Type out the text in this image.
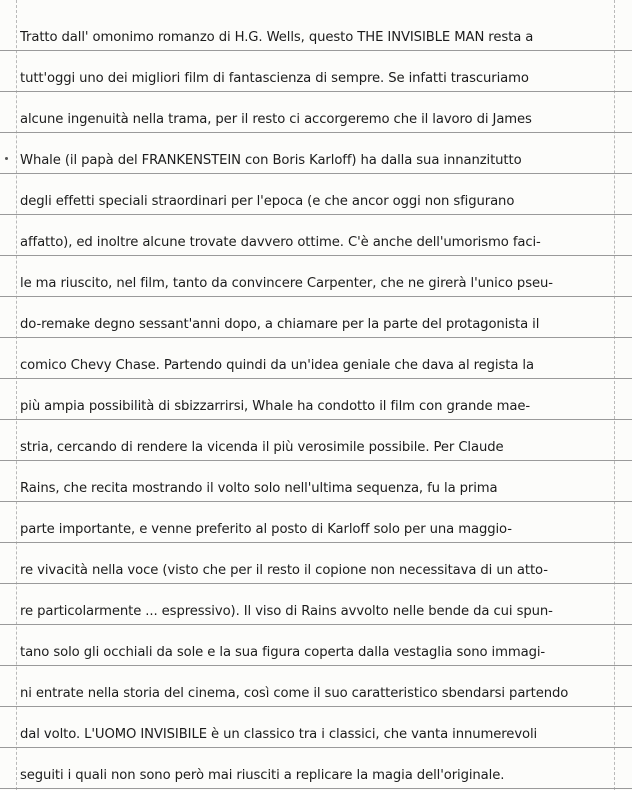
Tratto dall' omonimo romanzo di H.G. Wells, questo THE INVISIBLE MAN resta a
tutt'oggi uno dei migliori film di fantascienza di sempre. Se infatti trascuriamo
alcune ingenuità nella trama, per il resto ci accorgeremo che il lavoro di James
Whale (il papà del FRANKENSTEIN con Boris Karloff) ha dalla sua innanzitutto
degli effetti speciali straordinari per l'epoca (e che ancor oggi non sfigurano
affatto), ed inoltre alcune trovate davvero ottime. C'è anche dell'umorismo faci-
le ma riuscito, nel film, tanto da convincere Carpenter, che ne girerà l'unico pseu-
do-remake degno sessant'anni dopo, a chiamare per la parte del protagonista il
comico Chevy Chase. Partendo quindi da un'idea geniale che dava al regista la
più ampia possibilità di sbizzarrirsi, Whale ha condotto il film con grande mae-
stria, cercando di rendere la vicenda il più verosimile possibile. Per Claude
Rains, che recita mostrando il volto solo nell'ultima sequenza, fu la prima
parte importante, e venne preferito al posto di Karloff solo per una maggio-
re vivacità nella voce (visto che per il resto il copione non necessitava di un atto-
re particolarmente ... espressivo). Il viso di Rains avvolto nelle bende da cui spun-
tano solo gli occhiali da sole e la sua figura coperta dalla vestaglia sono immagi-
ni entrate nella storia del cinema, così come il suo caratteristico sbendarsi partendo
dal volto. L'UOMO INVISIBILE è un classico tra i classici, che vanta innumerevoli
seguiti i quali non sono però mai riusciti a replicare la magia dell'originale.
